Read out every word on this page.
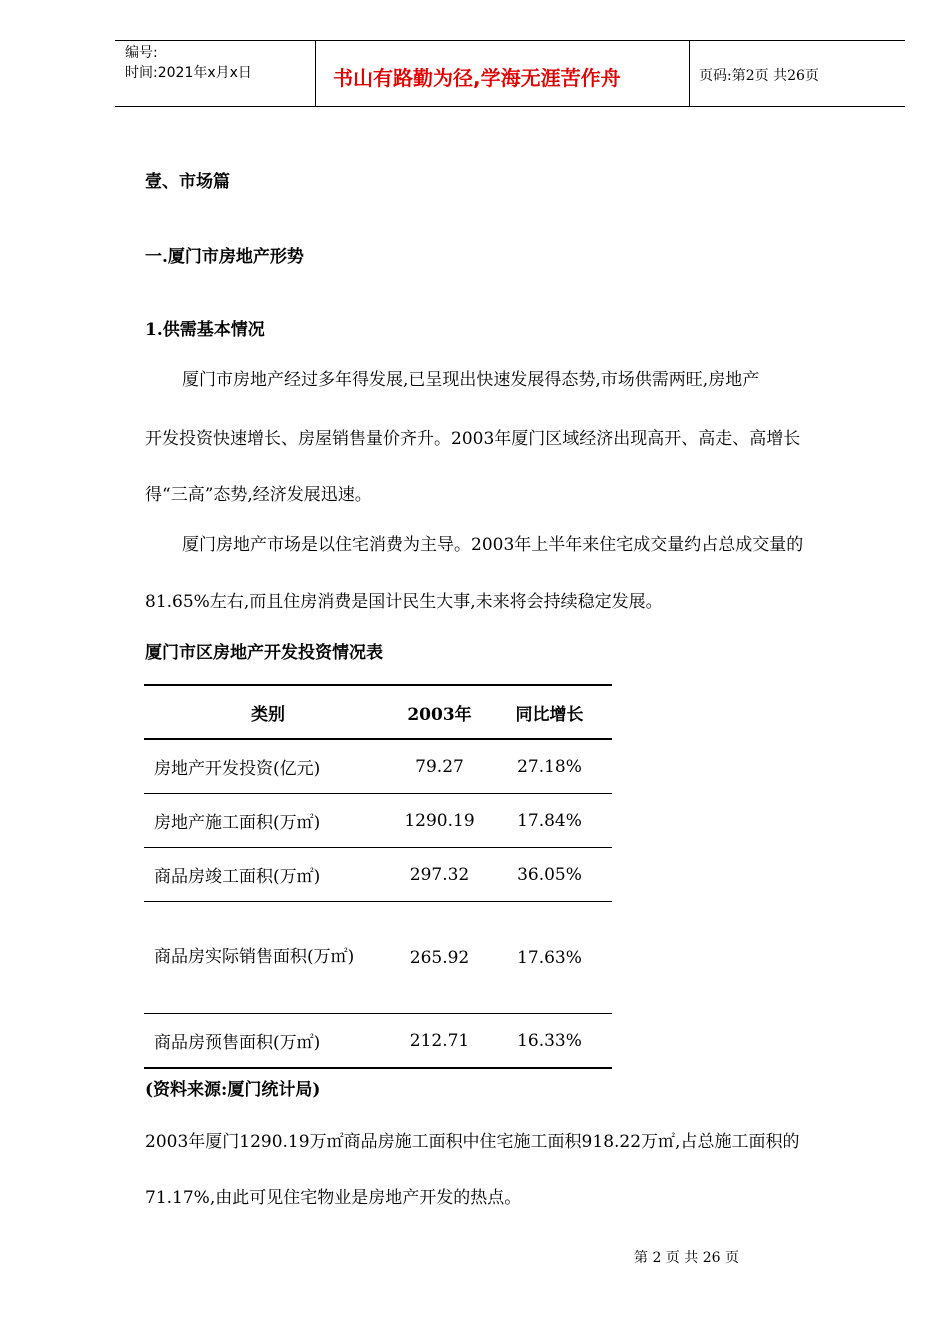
编号:
时间:2021年x月x日	书山有路勤为径,学海无涯苦作舟	页码:第2页 共26页
壹、市场篇
一.厦门市房地产形势
1.供需基本情况
厦门市房地产经过多年得发展,已呈现出快速发展得态势,市场供需两旺,房地产
开发投资快速增长、房屋销售量价齐升。2003年厦门区域经济出现高开、高走、高增长
得“三高”态势,经济发展迅速。
厦门房地产市场是以住宅消费为主导。2003年上半年来住宅成交量约占总成交量的
81.65%左右,而且住房消费是国计民生大事,未来将会持续稳定发展。
厦门市区房地产开发投资情况表
类别	2003年	同比增长
房地产开发投资(亿元)	79.27	27.18%
房地产施工面积(万㎡)	1290.19	17.84%
商品房竣工面积(万㎡)	297.32	36.05%
商品房实际销售面积(万㎡)	265.92	17.63%
商品房预售面积(万㎡)	212.71	16.33%
(资料来源:厦门统计局)
2003年厦门1290.19万㎡商品房施工面积中住宅施工面积918.22万㎡,占总施工面积的
71.17%,由此可见住宅物业是房地产开发的热点。
第 2 页 共 26 页
